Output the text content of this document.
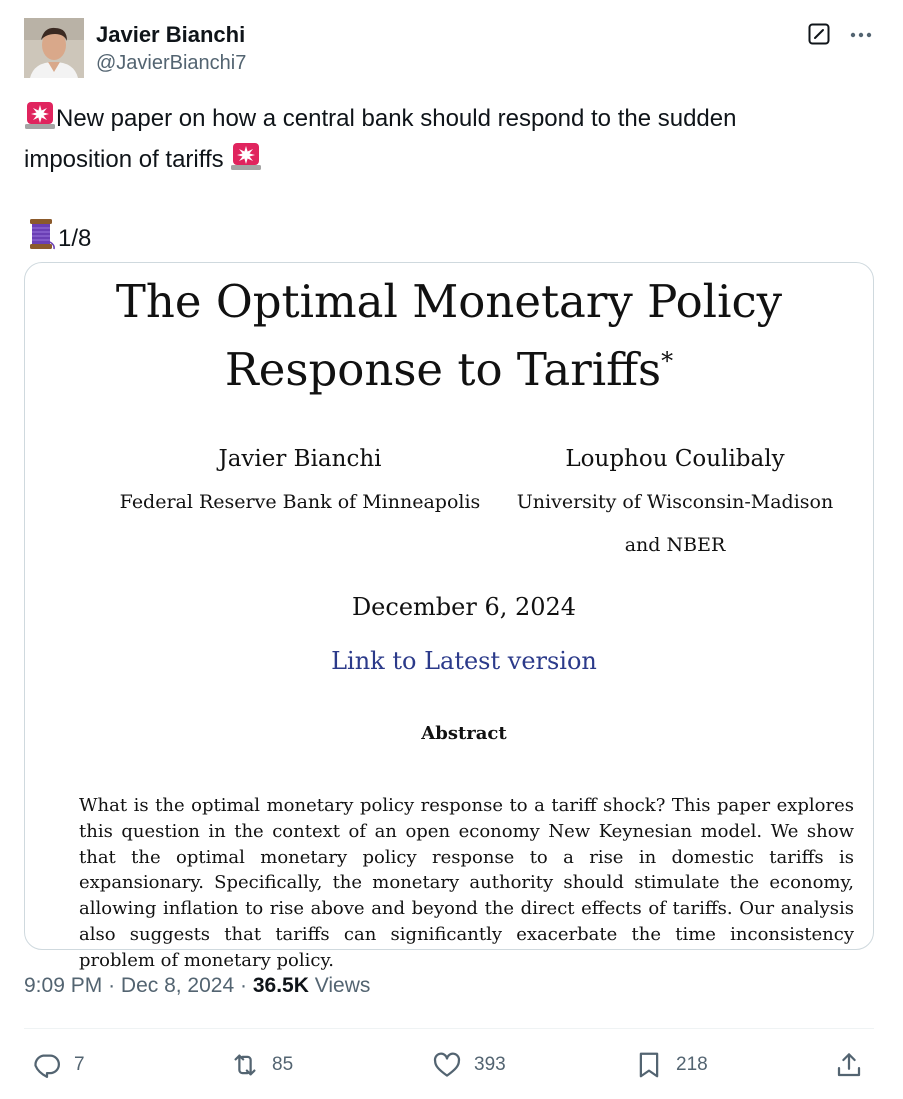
Javier Bianchi
@JavierBianchi7

New paper on how a central bank should respond to the sudden

imposition of tariffs

1/8

The Optimal Monetary Policy
Response to Tariffs*
Javier Bianchi
Federal Reserve Bank of Minneapolis
Louphou Coulibaly
University of Wisconsin-Madison
and NBER
December 6, 2024
Link to Latest version
Abstract
What is the optimal monetary policy response to a tariff shock? This paper explores this question in the context of an open economy New Keynesian model. We show that the optimal monetary policy response to a rise in domestic tariffs is expansionary. Specifically, the monetary authority should stimulate the economy, allowing inflation to rise above and beyond the direct effects of tariffs. Our analysis also suggests that tariffs can significantly exacerbate the time inconsistency problem of monetary policy.
9:09 PM · Dec 8, 2024 · 36.5K Views
7	85	393	218
